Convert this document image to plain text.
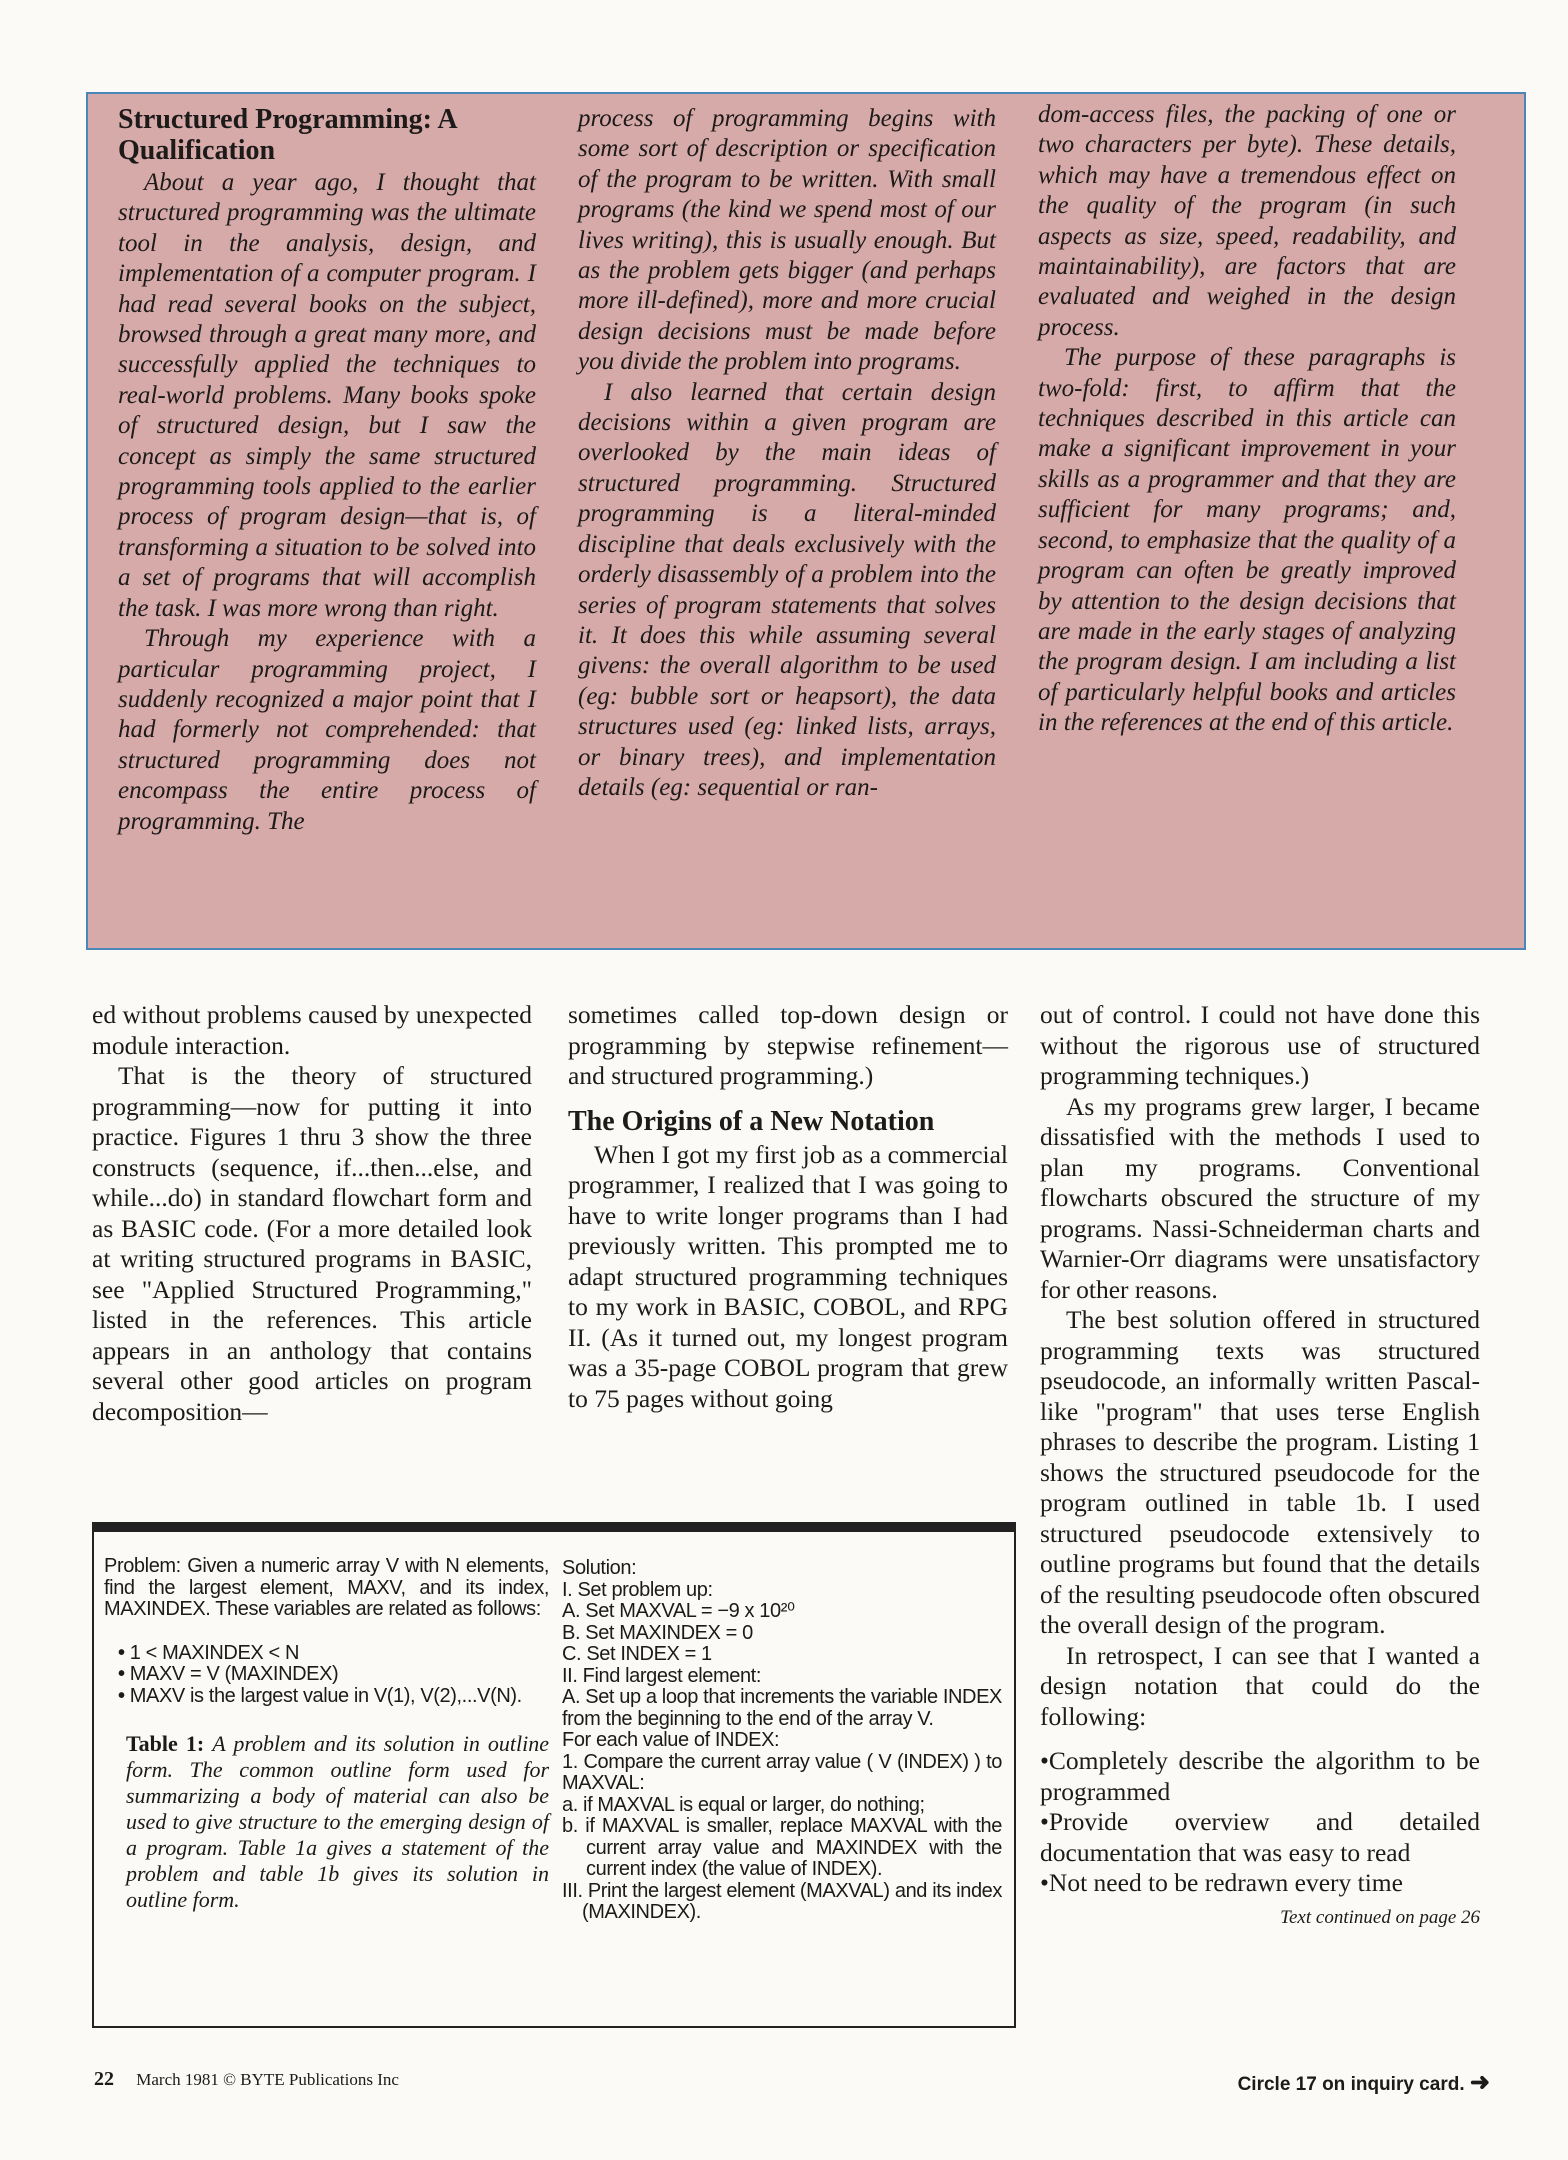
Structured Programming: A Qualification

About a year ago, I thought that structured programming was the ultimate tool in the analysis, design, and implementation of a computer program. I had read several books on the subject, browsed through a great many more, and successfully applied the techniques to real-world problems. Many books spoke of structured design, but I saw the concept as simply the same structured programming tools applied to the earlier process of program design—that is, of transforming a situation to be solved into a set of programs that will accomplish the task. I was more wrong than right.

Through my experience with a particular programming project, I suddenly recognized a major point that I had formerly not comprehended: that structured programming does not encompass the entire process of programming. The

process of programming begins with some sort of description or specification of the program to be written. With small programs (the kind we spend most of our lives writing), this is usually enough. But as the problem gets bigger (and perhaps more ill-defined), more and more crucial design decisions must be made before you divide the problem into programs.

I also learned that certain design decisions within a given program are overlooked by the main ideas of structured programming. Structured programming is a literal-minded discipline that deals exclusively with the orderly disassembly of a problem into the series of program statements that solves it. It does this while assuming several givens: the overall algorithm to be used (eg: bubble sort or heapsort), the data structures used (eg: linked lists, arrays, or binary trees), and implementation details (eg: sequential or ran-

dom-access files, the packing of one or two characters per byte). These details, which may have a tremendous effect on the quality of the program (in such aspects as size, speed, readability, and maintainability), are factors that are evaluated and weighed in the design process.

The purpose of these paragraphs is two-fold: first, to affirm that the techniques described in this article can make a significant improvement in your skills as a programmer and that they are sufficient for many programs; and, second, to emphasize that the quality of a program can often be greatly improved by attention to the design decisions that are made in the early stages of analyzing the program design. I am including a list of particularly helpful books and articles in the references at the end of this article.

ed without problems caused by unexpected module interaction.

That is the theory of structured programming—now for putting it into practice. Figures 1 thru 3 show the three constructs (sequence, if...then...else, and while...do) in standard flowchart form and as BASIC code. (For a more detailed look at writing structured programs in BASIC, see "Applied Structured Programming," listed in the references. This article appears in an anthology that contains several other good articles on program decomposition—

sometimes called top-down design or programming by stepwise refinement—and structured programming.)

The Origins of a New Notation

When I got my first job as a commercial programmer, I realized that I was going to have to write longer programs than I had previously written. This prompted me to adapt structured programming techniques to my work in BASIC, COBOL, and RPG II. (As it turned out, my longest program was a 35-page COBOL program that grew to 75 pages without going

out of control. I could not have done this without the rigorous use of structured programming techniques.)

As my programs grew larger, I became dissatisfied with the methods I used to plan my programs. Conventional flowcharts obscured the structure of my programs. Nassi-Schneiderman charts and Warnier-Orr diagrams were unsatisfactory for other reasons.

The best solution offered in structured programming texts was structured pseudocode, an informally written Pascal-like "program" that uses terse English phrases to describe the program. Listing 1 shows the structured pseudocode for the program outlined in table 1b. I used structured pseudocode extensively to outline programs but found that the details of the resulting pseudocode often obscured the overall design of the program.

In retrospect, I can see that I wanted a design notation that could do the following:

•Completely describe the algorithm to be programmed
•Provide overview and detailed documentation that was easy to read
•Not need to be redrawn every time
Text continued on page 26
Problem: Given a numeric array V with N elements, find the largest element, MAXV, and its index, MAXINDEX. These variables are related as follows:
• 1 < MAXINDEX < N
• MAXV = V (MAXINDEX)
• MAXV is the largest value in V(1), V(2),...V(N).
Table 1: A problem and its solution in outline form. The common outline form used for summarizing a body of material can also be used to give structure to the emerging design of a program. Table 1a gives a statement of the problem and table 1b gives its solution in outline form.
Solution:
I. Set problem up:
A. Set MAXVAL = −9 x 10²⁰
B. Set MAXINDEX = 0
C. Set INDEX = 1
II. Find largest element:
A. Set up a loop that increments the variable INDEX from the beginning to the end of the array V.
For each value of INDEX:
1. Compare the current array value ( V (INDEX) ) to MAXVAL:
a. if MAXVAL is equal or larger, do nothing;
b. if MAXVAL is smaller, replace MAXVAL with the current array value and MAXINDEX with the current index (the value of INDEX).
III. Print the largest element (MAXVAL) and its index (MAXINDEX).
22 March 1981 © BYTE Publications Inc	Circle 17 on inquiry card. ➜
